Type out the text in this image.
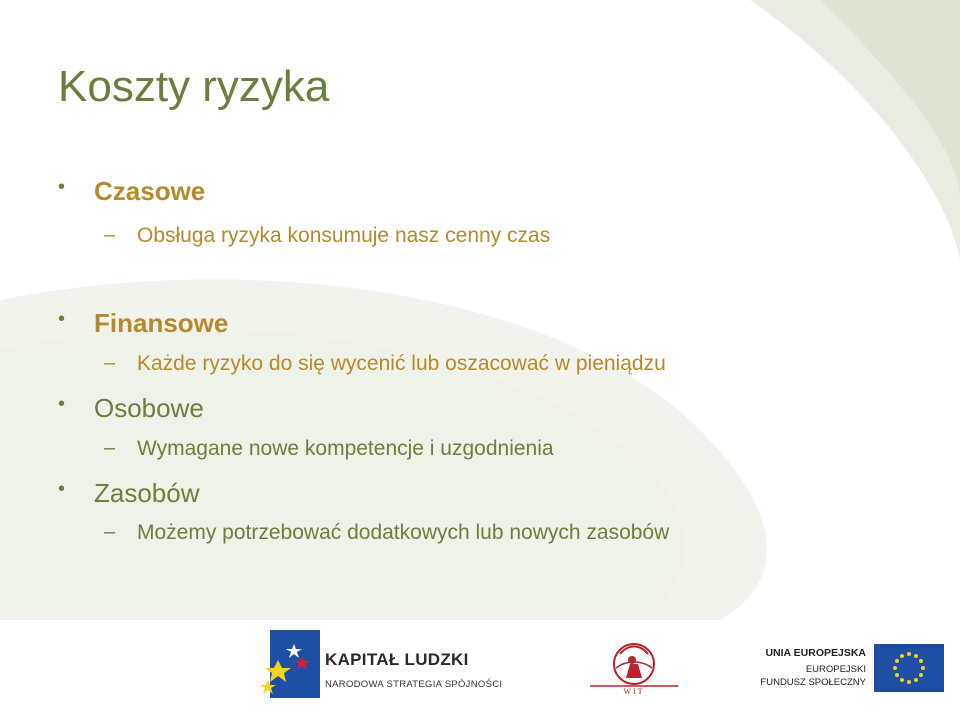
Koszty ryzyka
• Czasowe
– Obsługa ryzyka konsumuje nasz cenny czas
• Finansowe
– Każde ryzyko do się wycenić lub oszacować w pieniądzu
• Osobowe
– Wymagane nowe kompetencje i uzgodnienia
• Zasobów
– Możemy potrzebować dodatkowych lub nowych zasobów
KAPITAŁ LUDZKI
NARODOWA STRATEGIA SPÓJNOŚCI
WIT
UNIA EUROPEJSKA
EUROPEJSKI
FUNDUSZ SPOŁECZNY
